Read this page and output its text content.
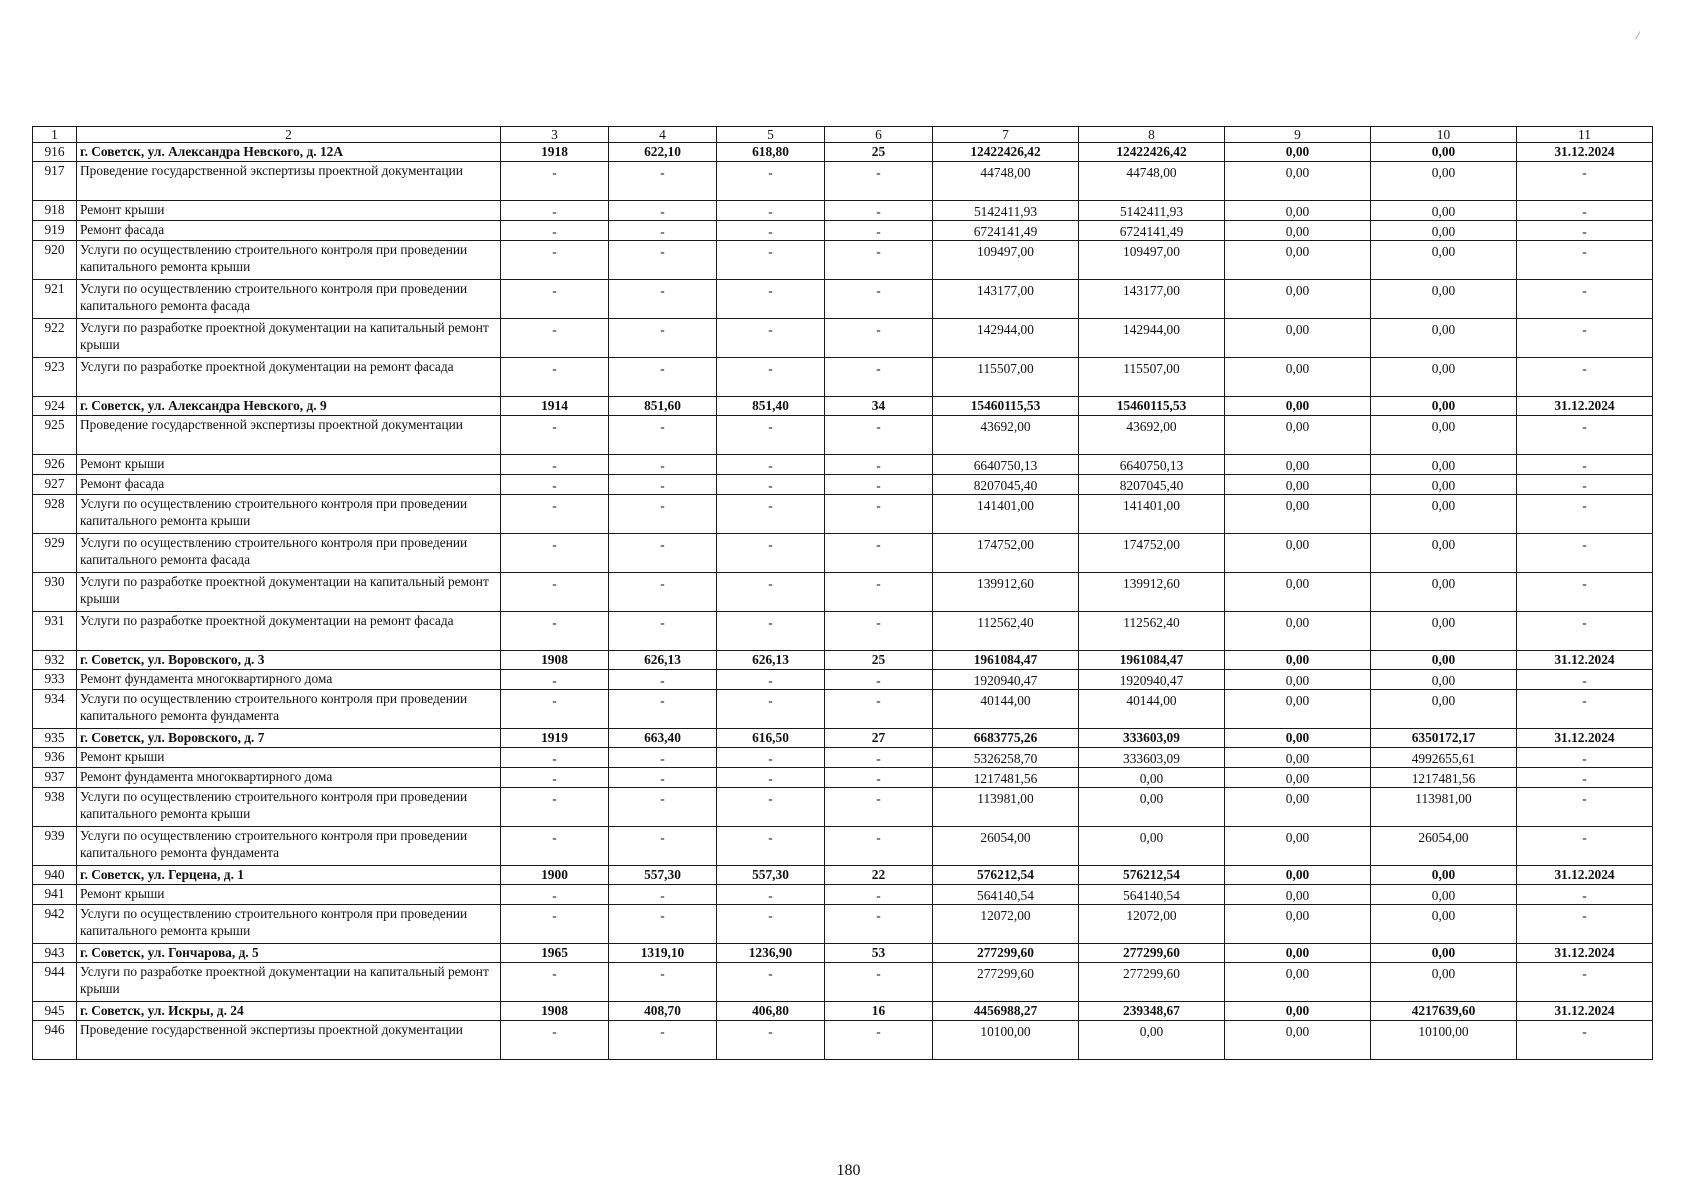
/
1	2	3	4	5	6	7	8	9	10	11
916	г. Советск, ул. Александра Невского, д. 12А	1918	622,10	618,80	25	12422426,42	12422426,42	0,00	0,00	31.12.2024
917	Проведение государственной экспертизы проектной документации	-	-	-	-	44748,00	44748,00	0,00	0,00	-
918	Ремонт крыши	-	-	-	-	5142411,93	5142411,93	0,00	0,00	-
919	Ремонт фасада	-	-	-	-	6724141,49	6724141,49	0,00	0,00	-
920	Услуги по осуществлению строительного контроля при проведении капитального ремонта крыши	-	-	-	-	109497,00	109497,00	0,00	0,00	-
921	Услуги по осуществлению строительного контроля при проведении капитального ремонта фасада	-	-	-	-	143177,00	143177,00	0,00	0,00	-
922	Услуги по разработке проектной документации на капитальный ремонт крыши	-	-	-	-	142944,00	142944,00	0,00	0,00	-
923	Услуги по разработке проектной документации на ремонт фасада	-	-	-	-	115507,00	115507,00	0,00	0,00	-
924	г. Советск, ул. Александра Невского, д. 9	1914	851,60	851,40	34	15460115,53	15460115,53	0,00	0,00	31.12.2024
925	Проведение государственной экспертизы проектной документации	-	-	-	-	43692,00	43692,00	0,00	0,00	-
926	Ремонт крыши	-	-	-	-	6640750,13	6640750,13	0,00	0,00	-
927	Ремонт фасада	-	-	-	-	8207045,40	8207045,40	0,00	0,00	-
928	Услуги по осуществлению строительного контроля при проведении капитального ремонта крыши	-	-	-	-	141401,00	141401,00	0,00	0,00	-
929	Услуги по осуществлению строительного контроля при проведении капитального ремонта фасада	-	-	-	-	174752,00	174752,00	0,00	0,00	-
930	Услуги по разработке проектной документации на капитальный ремонт крыши	-	-	-	-	139912,60	139912,60	0,00	0,00	-
931	Услуги по разработке проектной документации на ремонт фасада	-	-	-	-	112562,40	112562,40	0,00	0,00	-
932	г. Советск, ул. Воровского, д. 3	1908	626,13	626,13	25	1961084,47	1961084,47	0,00	0,00	31.12.2024
933	Ремонт фундамента многоквартирного дома	-	-	-	-	1920940,47	1920940,47	0,00	0,00	-
934	Услуги по осуществлению строительного контроля при проведении капитального ремонта фундамента	-	-	-	-	40144,00	40144,00	0,00	0,00	-
935	г. Советск, ул. Воровского, д. 7	1919	663,40	616,50	27	6683775,26	333603,09	0,00	6350172,17	31.12.2024
936	Ремонт крыши	-	-	-	-	5326258,70	333603,09	0,00	4992655,61	-
937	Ремонт фундамента многоквартирного дома	-	-	-	-	1217481,56	0,00	0,00	1217481,56	-
938	Услуги по осуществлению строительного контроля при проведении капитального ремонта крыши	-	-	-	-	113981,00	0,00	0,00	113981,00	-
939	Услуги по осуществлению строительного контроля при проведении капитального ремонта фундамента	-	-	-	-	26054,00	0,00	0,00	26054,00	-
940	г. Советск, ул. Герцена, д. 1	1900	557,30	557,30	22	576212,54	576212,54	0,00	0,00	31.12.2024
941	Ремонт крыши	-	-	-	-	564140,54	564140,54	0,00	0,00	-
942	Услуги по осуществлению строительного контроля при проведении капитального ремонта крыши	-	-	-	-	12072,00	12072,00	0,00	0,00	-
943	г. Советск, ул. Гончарова, д. 5	1965	1319,10	1236,90	53	277299,60	277299,60	0,00	0,00	31.12.2024
944	Услуги по разработке проектной документации на капитальный ремонт крыши	-	-	-	-	277299,60	277299,60	0,00	0,00	-
945	г. Советск, ул. Искры, д. 24	1908	408,70	406,80	16	4456988,27	239348,67	0,00	4217639,60	31.12.2024
946	Проведение государственной экспертизы проектной документации	-	-	-	-	10100,00	0,00	0,00	10100,00	-
180
